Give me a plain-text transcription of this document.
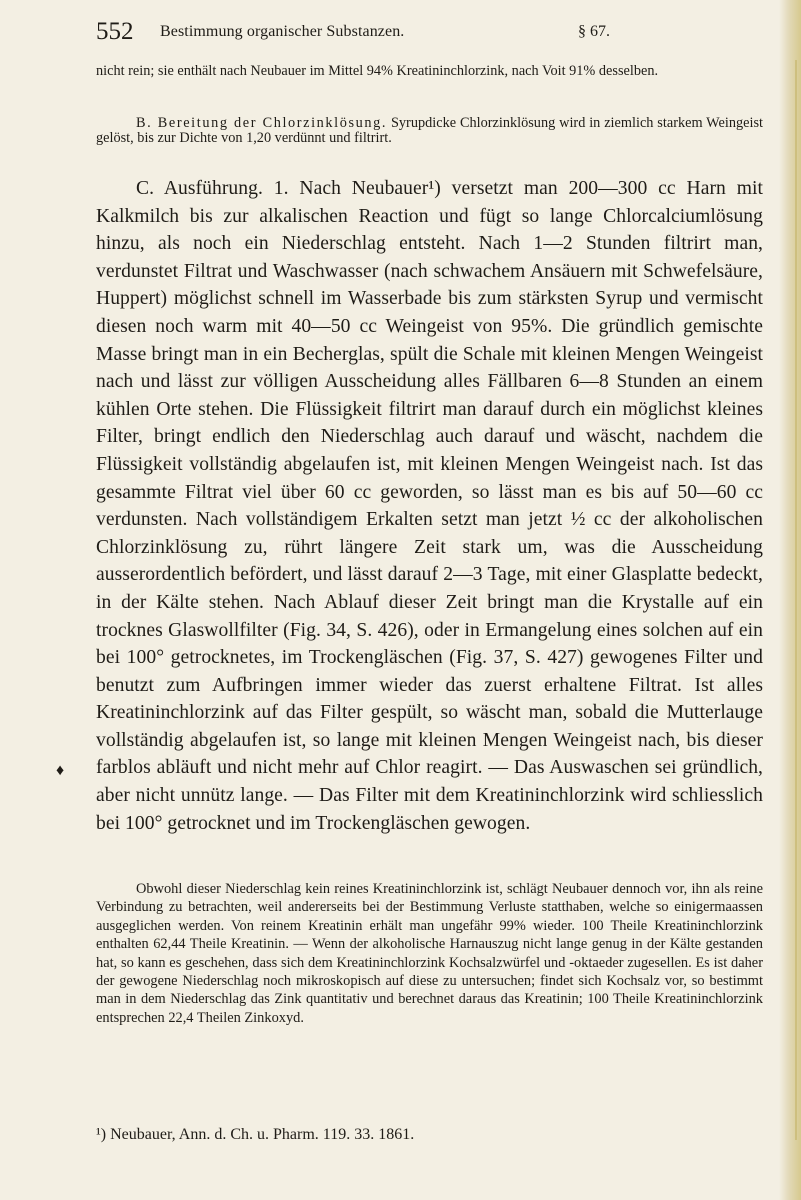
552 Bestimmung organischer Substanzen.	§ 67.

nicht rein; sie enthält nach Neubauer im Mittel 94% Kreatininchlorzink, nach Voit 91% desselben.

B. Bereitung der Chlorzinklösung. Syrupdicke Chlorzinklösung wird in ziemlich starkem Weingeist gelöst, bis zur Dichte von 1,20 verdünnt und filtrirt.

C. Ausführung. 1. Nach Neubauer¹) versetzt man 200—300 cc Harn mit Kalkmilch bis zur alkalischen Reaction und fügt so lange Chlorcalciumlösung hinzu, als noch ein Niederschlag entsteht. Nach 1—2 Stunden filtrirt man, verdunstet Filtrat und Waschwasser (nach schwachem Ansäuern mit Schwefelsäure, Huppert) möglichst schnell im Wasserbade bis zum stärksten Syrup und vermischt diesen noch warm mit 40—50 cc Weingeist von 95%. Die gründlich gemischte Masse bringt man in ein Becherglas, spült die Schale mit kleinen Mengen Weingeist nach und lässt zur völligen Ausscheidung alles Fällbaren 6—8 Stunden an einem kühlen Orte stehen. Die Flüssigkeit filtrirt man darauf durch ein möglichst kleines Filter, bringt endlich den Niederschlag auch darauf und wäscht, nachdem die Flüssigkeit vollständig abgelaufen ist, mit kleinen Mengen Weingeist nach. Ist das gesammte Filtrat viel über 60 cc geworden, so lässt man es bis auf 50—60 cc verdunsten. Nach vollständigem Erkalten setzt man jetzt ½ cc der alkoholischen Chlorzinklösung zu, rührt längere Zeit stark um, was die Ausscheidung ausserordentlich befördert, und lässt darauf 2—3 Tage, mit einer Glasplatte bedeckt, in der Kälte stehen. Nach Ablauf dieser Zeit bringt man die Krystalle auf ein trocknes Glaswollfilter (Fig. 34, S. 426), oder in Ermangelung eines solchen auf ein bei 100° getrocknetes, im Trockengläschen (Fig. 37, S. 427) gewogenes Filter und benutzt zum Aufbringen immer wieder das zuerst erhaltene Filtrat. Ist alles Kreatininchlorzink auf das Filter gespült, so wäscht man, sobald die Mutterlauge vollständig abgelaufen ist, so lange mit kleinen Mengen Weingeist nach, bis dieser farblos abläuft und nicht mehr auf Chlor reagirt. — Das Auswaschen sei gründlich, aber nicht unnütz lange. — Das Filter mit dem Kreatininchlorzink wird schliesslich bei 100° getrocknet und im Trockengläschen gewogen.

♦

Obwohl dieser Niederschlag kein reines Kreatininchlorzink ist, schlägt Neubauer dennoch vor, ihn als reine Verbindung zu betrachten, weil andererseits bei der Bestimmung Verluste statthaben, welche so einigermaassen ausgeglichen werden. Von reinem Kreatinin erhält man ungefähr 99% wieder. 100 Theile Kreatininchlorzink enthalten 62,44 Theile Kreatinin. — Wenn der alkoholische Harnauszug nicht lange genug in der Kälte gestanden hat, so kann es geschehen, dass sich dem Kreatininchlorzink Kochsalzwürfel und -oktaeder zugesellen. Es ist daher der gewogene Niederschlag noch mikroskopisch auf diese zu untersuchen; findet sich Kochsalz vor, so bestimmt man in dem Niederschlag das Zink quantitativ und berechnet daraus das Kreatinin; 100 Theile Kreatininchlorzink entsprechen 22,4 Theilen Zinkoxyd.

¹) Neubauer, Ann. d. Ch. u. Pharm. 119. 33. 1861.
